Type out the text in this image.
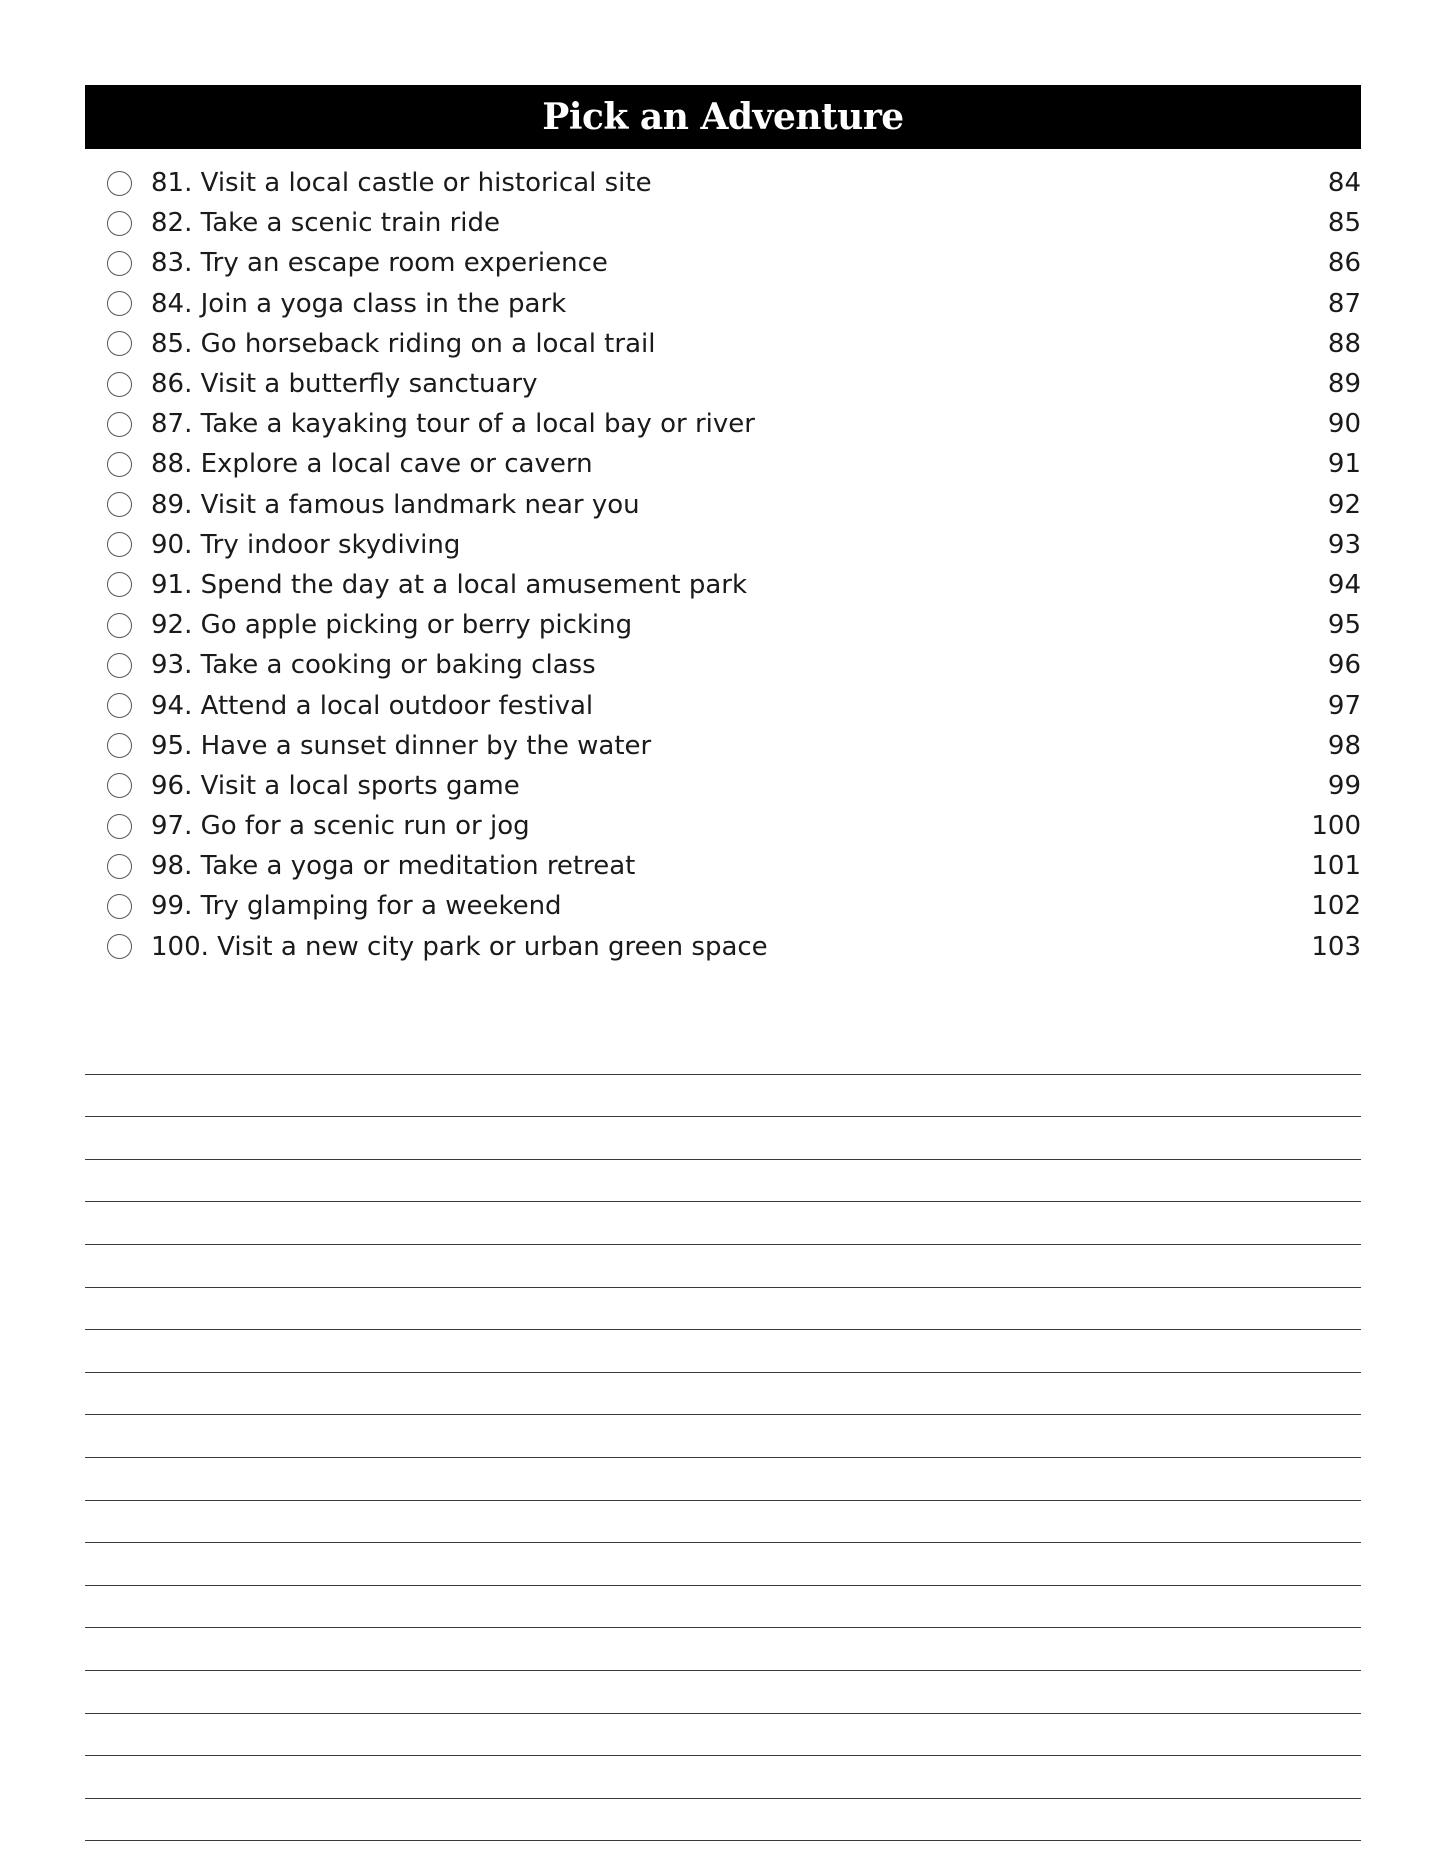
Pick an Adventure
81. Visit a local castle or historical site	84
82. Take a scenic train ride	85
83. Try an escape room experience	86
84. Join a yoga class in the park	87
85. Go horseback riding on a local trail	88
86. Visit a butterfly sanctuary	89
87. Take a kayaking tour of a local bay or river	90
88. Explore a local cave or cavern	91
89. Visit a famous landmark near you	92
90. Try indoor skydiving	93
91. Spend the day at a local amusement park	94
92. Go apple picking or berry picking	95
93. Take a cooking or baking class	96
94. Attend a local outdoor festival	97
95. Have a sunset dinner by the water	98
96. Visit a local sports game	99
97. Go for a scenic run or jog	100
98. Take a yoga or meditation retreat	101
99. Try glamping for a weekend	102
100. Visit a new city park or urban green space	103
